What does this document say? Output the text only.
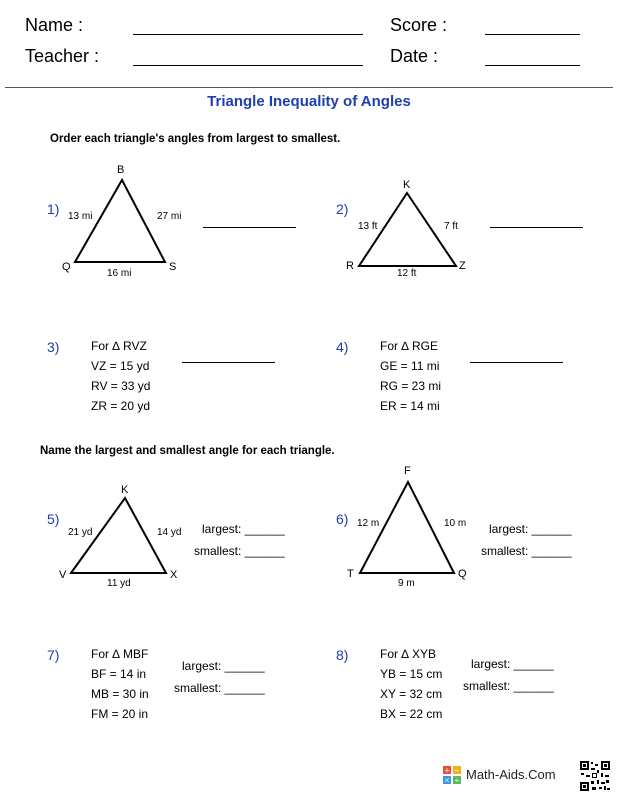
Name :	Score :
Teacher :	Date :
Triangle Inequality of Angles
Order each triangle's angles from largest to smallest.
1)
B
Q	S
13 mi	27 mi
16 mi
2)
K
R	Z
13 ft	7 ft
12 ft
3)	For ∆ RVZ
VZ = 15 yd
RV = 33 yd
ZR = 20 yd
4)	For ∆ RGE
GE = 11 mi
RG = 23 mi
ER = 14 mi
Name the largest and smallest angle for each triangle.
5)
K
V	X
21 yd	14 yd
11 yd
largest: ______
smallest: ______
6)
F
T	Q
12 m	10 m
9 m
largest: ______
smallest: ______
7)	For ∆ MBF
BF = 14 in
MB = 30 in
FM = 20 in
largest: ______
smallest: ______
8)	For ∆ XYB
YB = 15 cm
XY = 32 cm
BX = 22 cm
largest: ______
smallest: ______
+ −
× ÷ Math-Aids.Com
